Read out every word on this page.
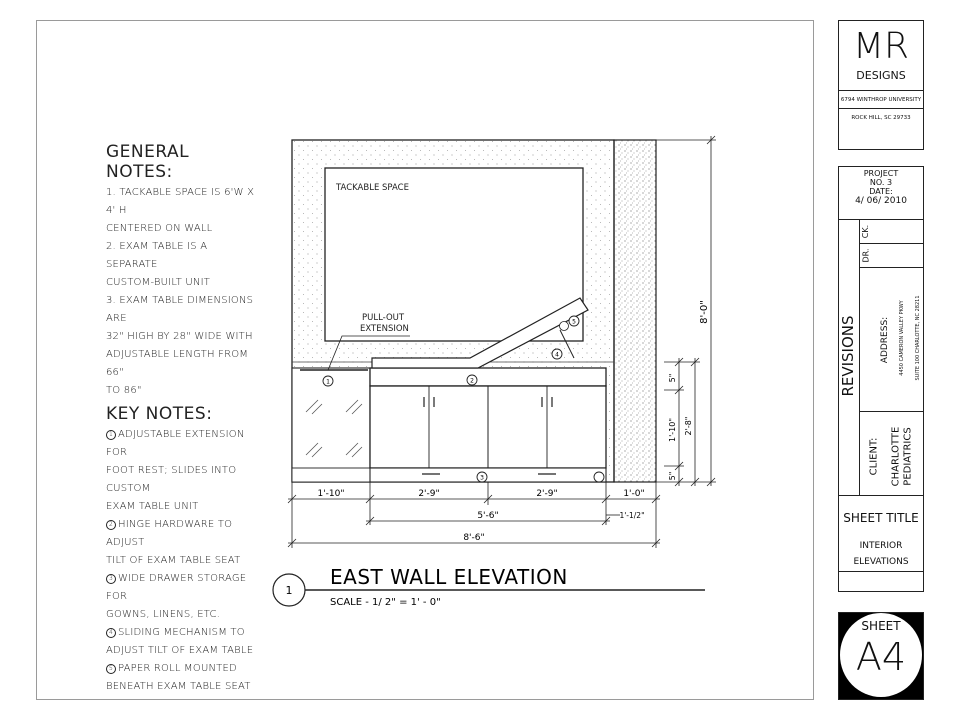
GENERAL NOTES:
1. TACKABLE SPACE IS 6'W X 4' H
CENTERED ON WALL
2. EXAM TABLE IS A SEPARATE
CUSTOM-BUILT UNIT
3. EXAM TABLE DIMENSIONS ARE
32" HIGH BY 28" WIDE WITH
ADJUSTABLE LENGTH FROM 66"
TO 86"
KEY NOTES:
1 ADJUSTABLE EXTENSION FOR
FOOT REST; SLIDES INTO CUSTOM
EXAM TABLE UNIT
2 HINGE HARDWARE TO ADJUST
TILT OF EXAM TABLE SEAT
3 WIDE DRAWER STORAGE FOR
GOWNS, LINENS, ETC.
4 SLIDING MECHANISM TO
ADJUST TILT OF EXAM TABLE
5 PAPER ROLL MOUNTED
BENEATH EXAM TABLE SEAT
TACKABLE SPACE
PULL-OUT
EXTENSION
1	2
3
4
5
1'-10"	2'-9"	2'-9"	1'-0"
5'-6"	1'-1/2"
8'-6"
8'-0"
5"
1'-10" 2'-8"
5"
1
EAST WALL ELEVATION
SCALE - 1/ 2" = 1' - 0"
MR
DESIGNS
6794 WINTHROP UNIVERSITY
ROCK HILL, SC 29733
PROJECT
NO. 3
DATE:
4/ 06/ 2010
CK.
DR.
REVISIONS	ADDRESS: 4450 CAMERON VALLEY PKWY SUITE 100 CHARLOTTE, NC 28211
CLIENT: CHARLOTTE PEDIATRICS
SHEET TITLE
INTERIOR
ELEVATIONS
SHEET
A4
